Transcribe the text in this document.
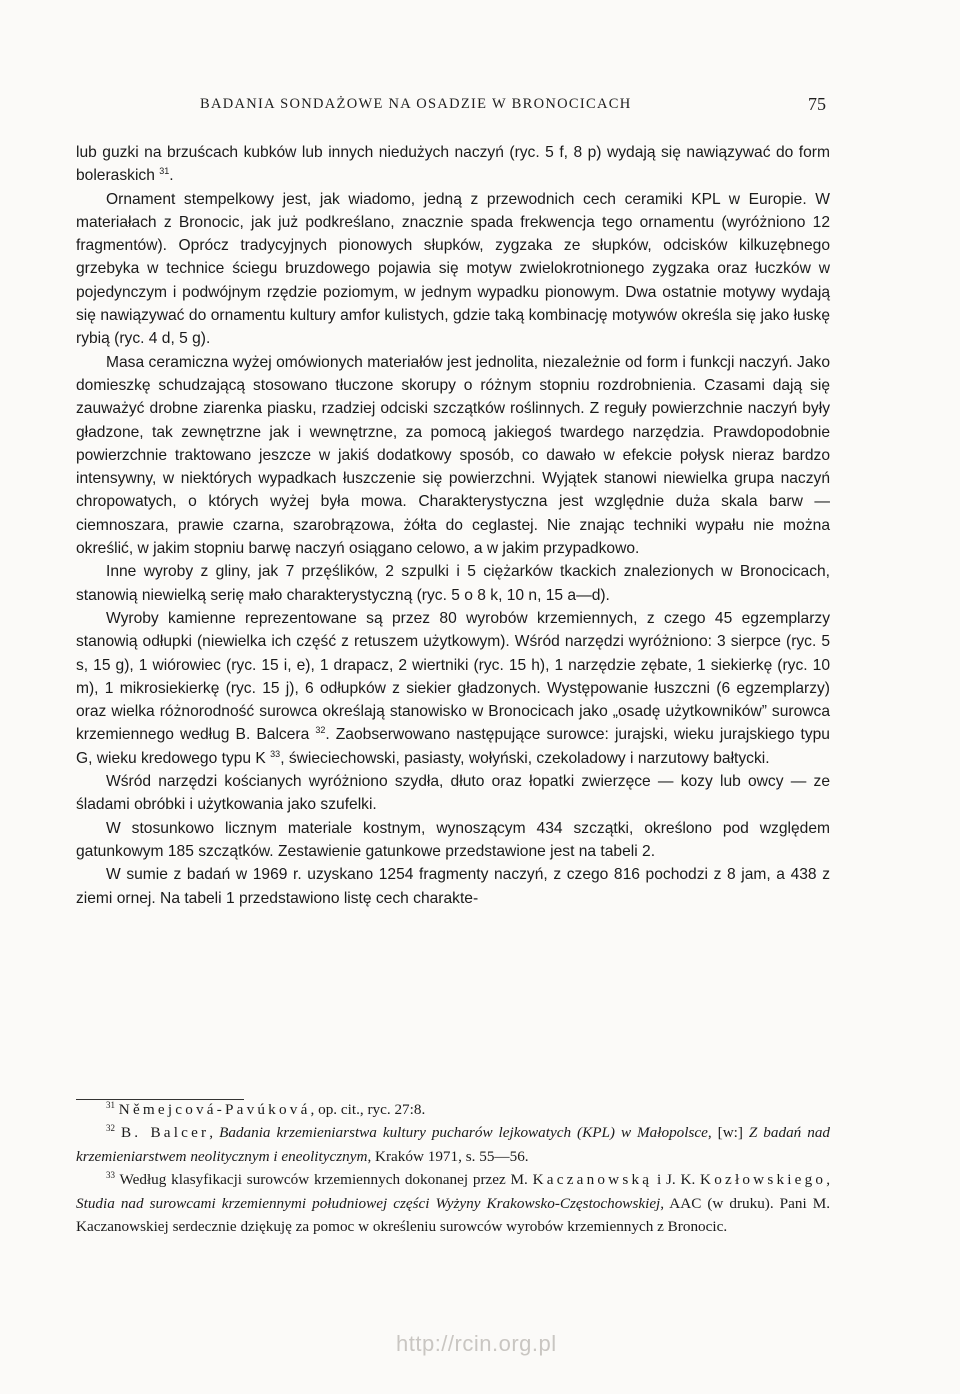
BADANIA SONDAŻOWE NA OSADZIE W BRONOCICACH	75

lub guzki na brzuścach kubków lub innych niedużych naczyń (ryc. 5 f, 8 p) wydają się nawiązywać do form boleraskich $^{31}$.

Ornament stempelkowy jest, jak wiadomo, jedną z przewodnich cech ceramiki KPL w Europie. W materiałach z Bronocic, jak już podkreślano, znacznie spada frekwencja tego ornamentu (wyróżniono 12 fragmentów). Oprócz tradycyjnych pionowych słupków, zygzaka ze słupków, odcisków kilkuzębnego grzebyka w technice ściegu bruzdowego pojawia się motyw zwielokrotnionego zygzaka oraz łuczków w pojedynczym i podwójnym rzędzie poziomym, w jednym wypadku pionowym. Dwa ostatnie motywy wydają się nawiązywać do ornamentu kultury amfor kulistych, gdzie taką kombinację motywów określa się jako łuskę rybią (ryc. 4 d, 5 g).

Masa ceramiczna wyżej omówionych materiałów jest jednolita, niezależnie od form i funkcji naczyń. Jako domieszkę schudzającą stosowano tłuczone skorupy o różnym stopniu rozdrobnienia. Czasami dają się zauważyć drobne ziarenka piasku, rzadziej odciski szczątków roślinnych. Z reguły powierzchnie naczyń były gładzone, tak zewnętrzne jak i wewnętrzne, za pomocą jakiegoś twardego narzędzia. Prawdopodobnie powierzchnie traktowano jeszcze w jakiś dodatkowy sposób, co dawało w efekcie połysk nieraz bardzo intensywny, w niektórych wypadkach łuszczenie się powierzchni. Wyjątek stanowi niewielka grupa naczyń chropowatych, o których wyżej była mowa. Charakterystyczna jest względnie duża skala barw — ciemnoszara, prawie czarna, szarobrązowa, żółta do ceglastej. Nie znając techniki wypału nie można określić, w jakim stopniu barwę naczyń osiągano celowo, a w jakim przypadkowo.

Inne wyroby z gliny, jak 7 przęślików, 2 szpulki i 5 ciężarków tkackich znalezionych w Bronocicach, stanowią niewielką serię mało charakterystyczną (ryc. 5 o 8 k, 10 n, 15 a—d).

Wyroby kamienne reprezentowane są przez 80 wyrobów krzemiennych, z czego 45 egzemplarzy stanowią odłupki (niewielka ich część z retuszem użytkowym). Wśród narzędzi wyróżniono: 3 sierpce (ryc. 5 s, 15 g), 1 wiórowiec (ryc. 15 i, e), 1 drapacz, 2 wiertniki (ryc. 15 h), 1 narzędzie zębate, 1 siekierkę (ryc. 10 m), 1 mikrosiekierkę (ryc. 15 j), 6 odłupków z siekier gładzonych. Występowanie łuszczni (6 egzemplarzy) oraz wielka różnorodność surowca określają stanowisko w Bronocicach jako „osadę użytkowników” surowca krzemiennego według B. Balcera $^{32}$. Zaobserwowano następujące surowce: jurajski, wieku jurajskiego typu G, wieku kredowego typu K $^{33}$, świeciechowski, pasiasty, wołyński, czekoladowy i narzutowy bałtycki.

Wśród narzędzi kościanych wyróżniono szydła, dłuto oraz łopatki zwierzęce — kozy lub owcy — ze śladami obróbki i użytkowania jako szufelki.

W stosunkowo licznym materiale kostnym, wynoszącym 434 szczątki, określono pod względem gatunkowym 185 szczątków. Zestawienie gatunkowe przedstawione jest na tabeli 2.

W sumie z badań w 1969 r. uzyskano 1254 fragmenty naczyń, z czego 816 pochodzi z 8 jam, a 438 z ziemi ornej. Na tabeli 1 przedstawiono listę cech charakte-

$^{31}$ Němejcová-Pavúková, op. cit., ryc. 27:8.

$^{32}$ B. Balcer, Badania krzemieniarstwa kultury pucharów lejkowatych (KPL) w Małopolsce, [w:] Z badań nad krzemieniarstwem neolitycznym i eneolitycznym, Kraków 1971, s. 55—56.

$^{33}$ Według klasyfikacji surowców krzemiennych dokonanej przez M. Kaczanowską i J. K. Kozłowskiego, Studia nad surowcami krzemiennymi południowej części Wyżyny Krakowsko-Częstochowskiej, AAC (w druku). Pani M. Kaczanowskiej serdecznie dziękuję za pomoc w określeniu surowców wyrobów krzemiennych z Bronocic.

http://rcin.org.pl
